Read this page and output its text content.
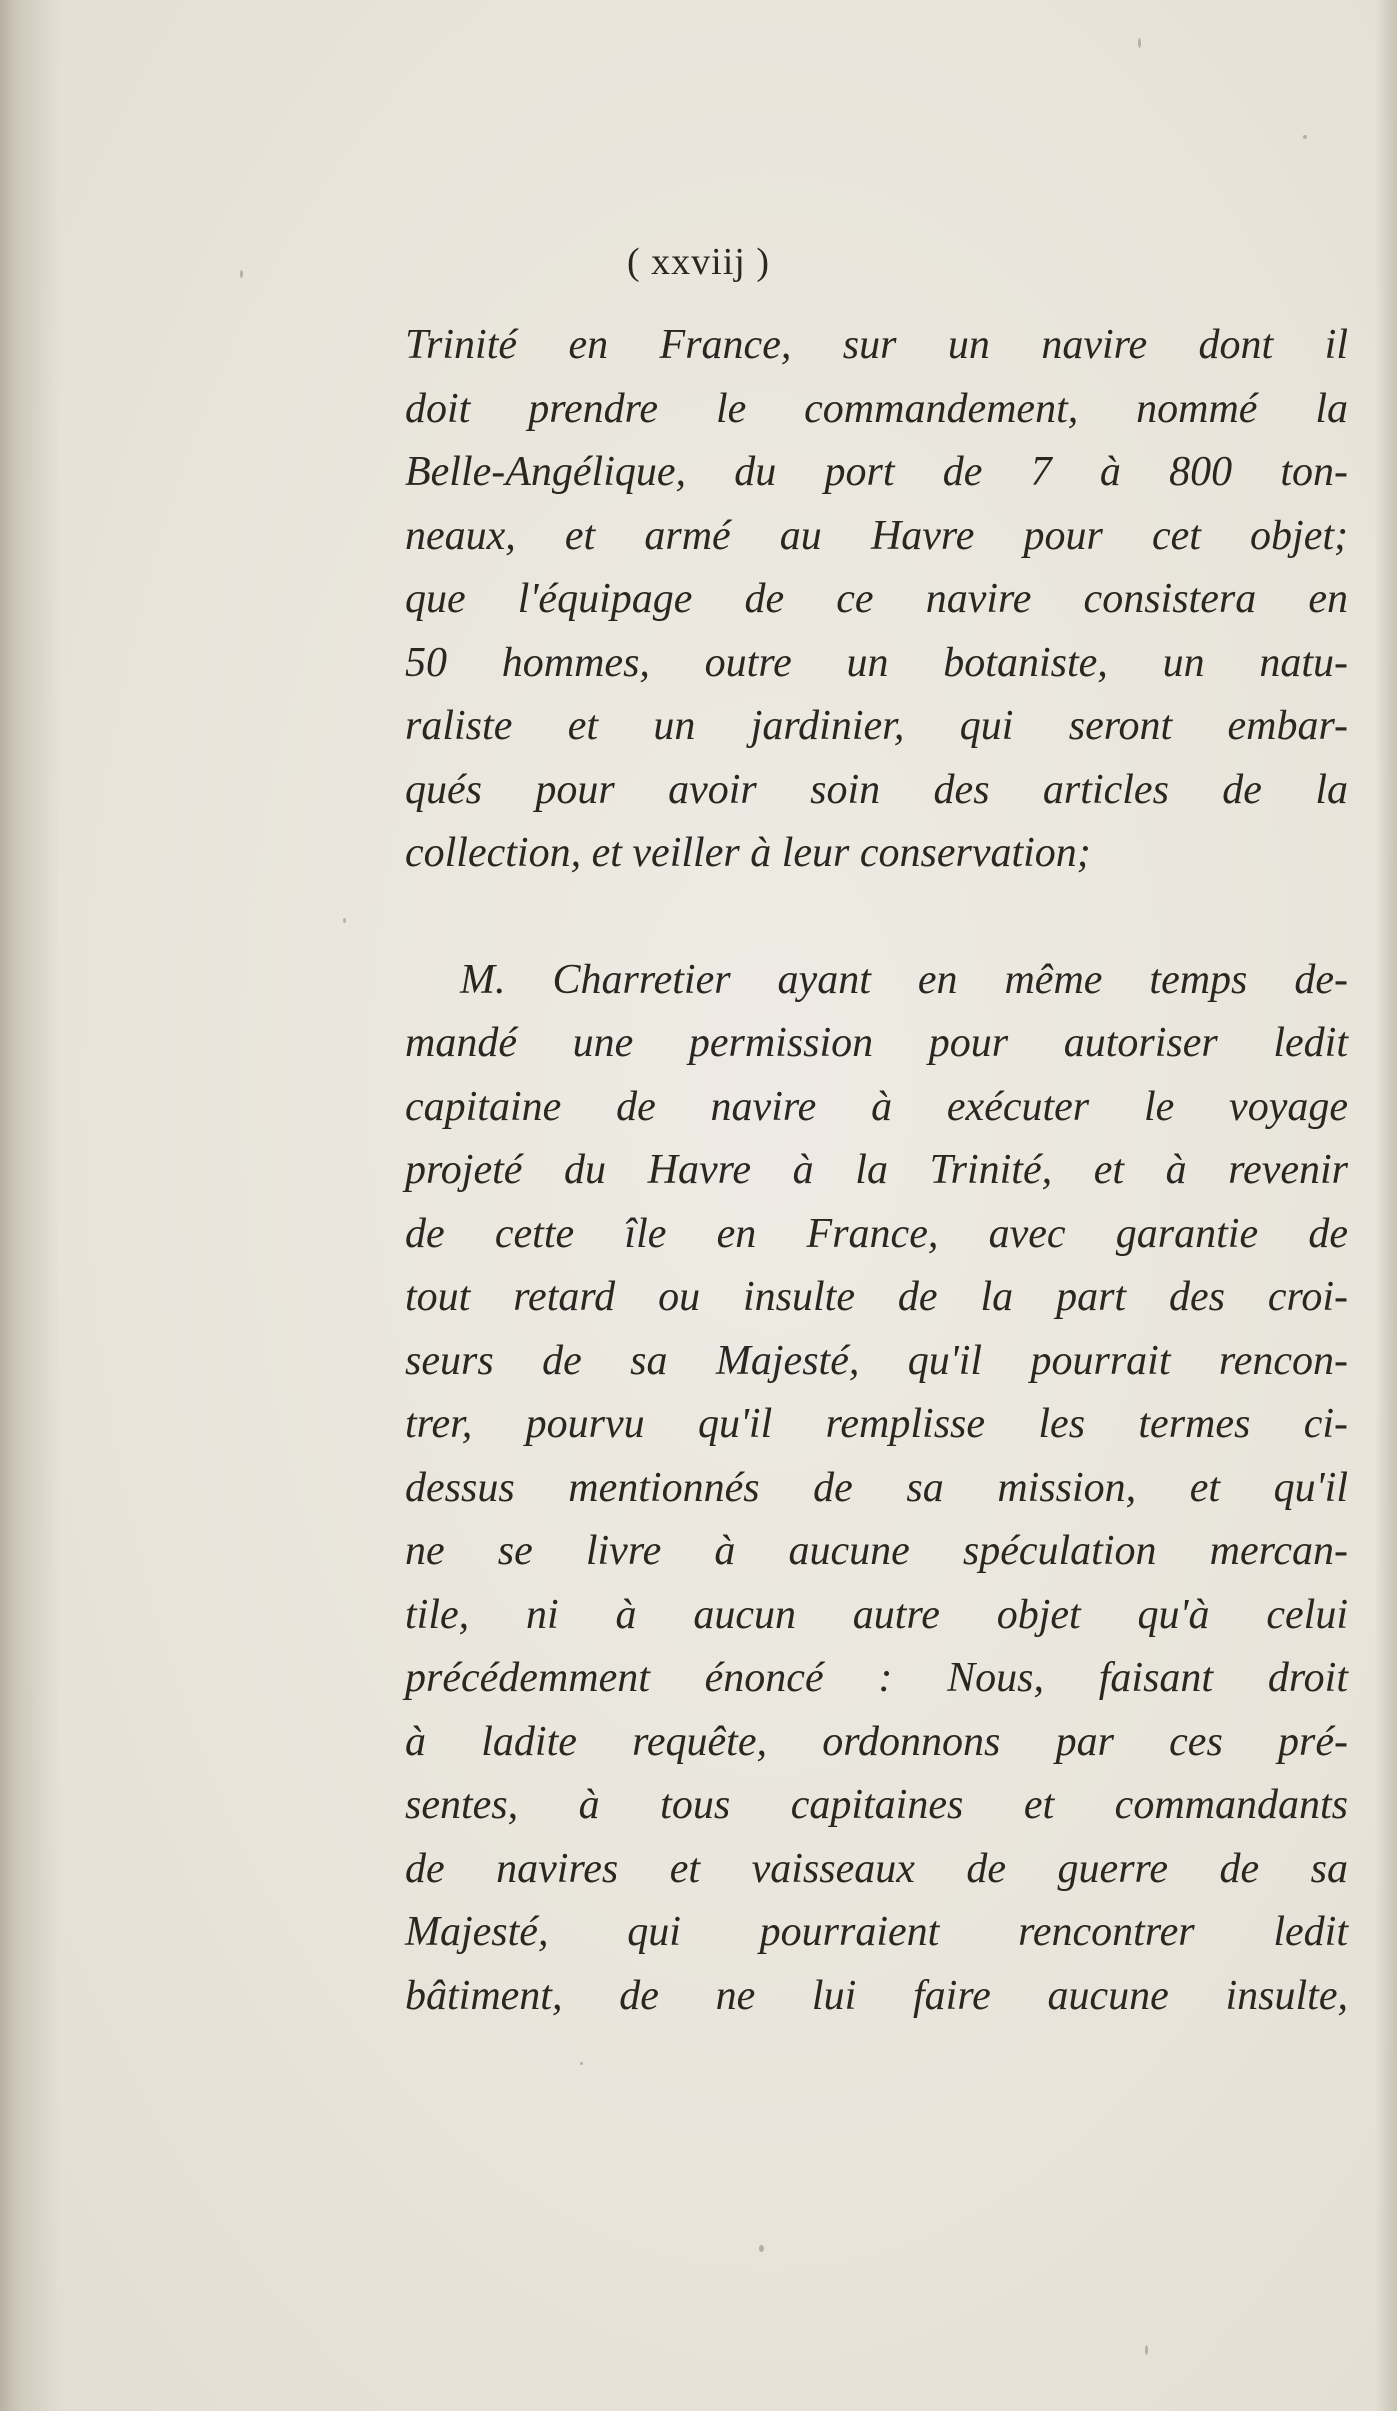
( xxviij )
Trinité en France, sur un navire dont il
doit prendre le commandement, nommé la
Belle-Angélique, du port de 7 à 800 ton-
neaux, et armé au Havre pour cet objet;
que l'équipage de ce navire consistera en
50 hommes, outre un botaniste, un natu-
raliste et un jardinier, qui seront embar-
qués pour avoir soin des articles de la
collection, et veiller à leur conservation;
M. Charretier ayant en même temps de-
mandé une permission pour autoriser ledit
capitaine de navire à exécuter le voyage
projeté du Havre à la Trinité, et à revenir
de cette île en France, avec garantie de
tout retard ou insulte de la part des croi-
seurs de sa Majesté, qu'il pourrait rencon-
trer, pourvu qu'il remplisse les termes ci-
dessus mentionnés de sa mission, et qu'il
ne se livre à aucune spéculation mercan-
tile, ni à aucun autre objet qu'à celui
précédemment énoncé : Nous, faisant droit
à ladite requête, ordonnons par ces pré-
sentes, à tous capitaines et commandants
de navires et vaisseaux de guerre de sa
Majesté, qui pourraient rencontrer ledit
bâtiment, de ne lui faire aucune insulte,
